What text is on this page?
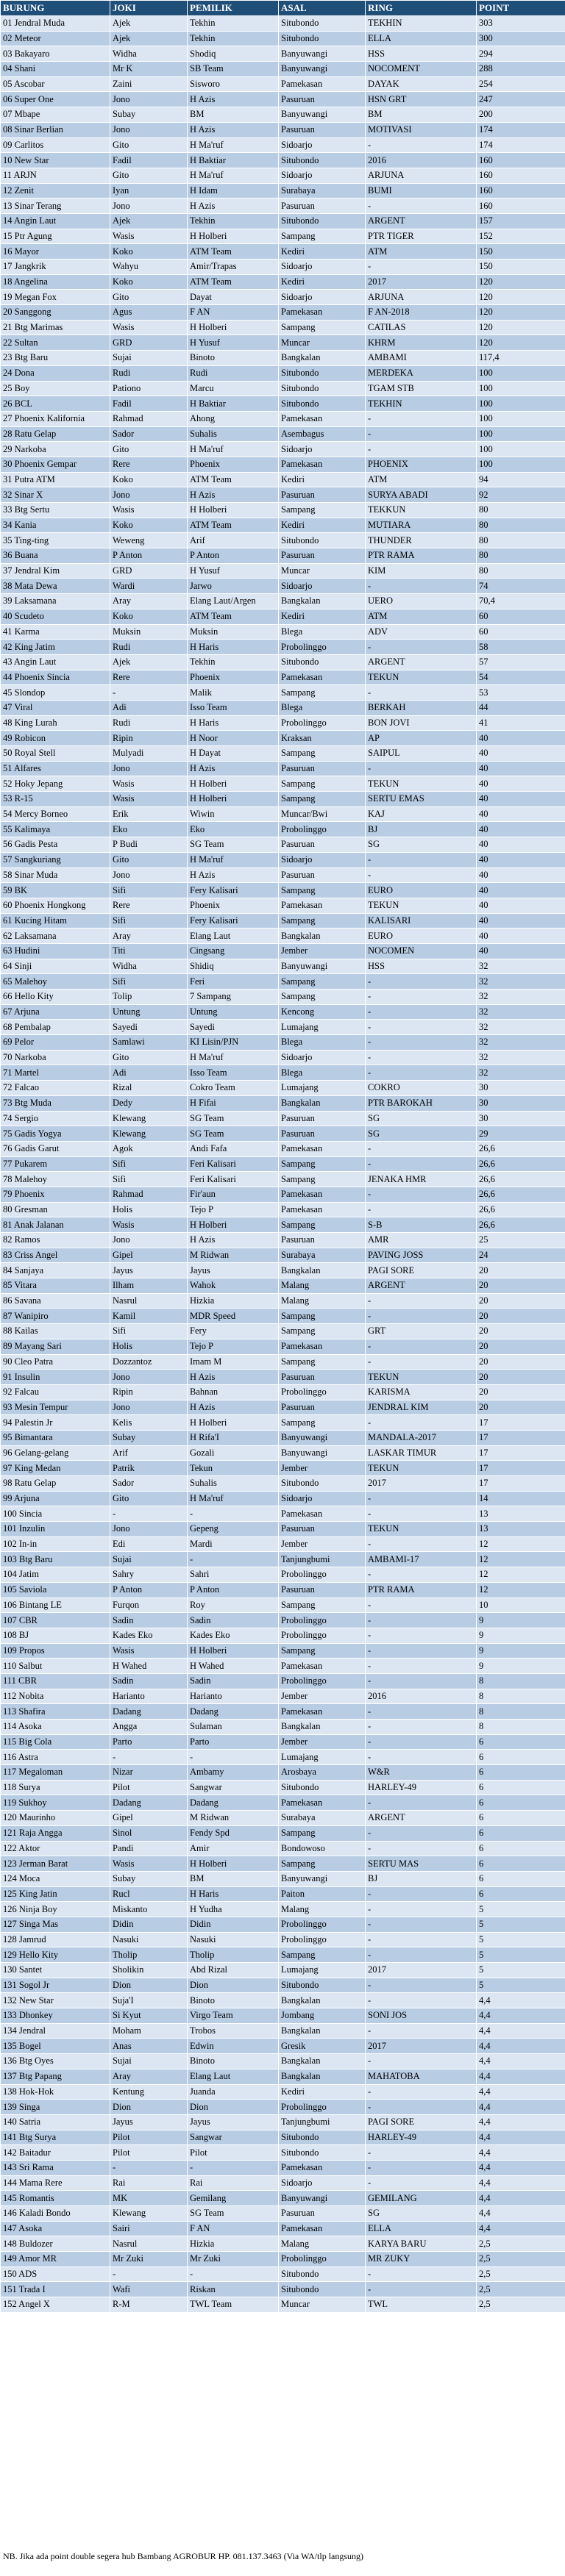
BURUNG	JOKI	PEMILIK	ASAL	RING	POINT
01 Jendral Muda	Ajek	Tekhin	Situbondo	TEKHIN	303
02 Meteor	Ajek	Tekhin	Situbondo	ELLA	300
03 Bakayaro	Widha	Shodiq	Banyuwangi	HSS	294
04 Shani	Mr K	SB Team	Banyuwangi	NOCOMENT	288
05 Ascobar	Zaini	Sisworo	Pamekasan	DAYAK	254
06 Super One	Jono	H Azis	Pasuruan	HSN GRT	247
07 Mbape	Subay	BM	Banyuwangi	BM	200
08 Sinar Berlian	Jono	H Azis	Pasuruan	MOTIVASI	174
09 Carlitos	Gito	H Ma'ruf	Sidoarjo	-	174
10 New Star	Fadil	H Baktiar	Situbondo	2016	160
11 ARJN	Gito	H Ma'ruf	Sidoarjo	ARJUNA	160
12 Zenit	Iyan	H Idam	Surabaya	BUMI	160
13 Sinar Terang	Jono	H Azis	Pasuruan	-	160
14 Angin Laut	Ajek	Tekhin	Situbondo	ARGENT	157
15 Ptr Agung	Wasis	H Holberi	Sampang	PTR TIGER	152
16 Mayor	Koko	ATM Team	Kediri	ATM	150
17 Jangkrik	Wahyu	Amir/Trapas	Sidoarjo	-	150
18 Angelina	Koko	ATM Team	Kediri	2017	120
19 Megan Fox	Gito	Dayat	Sidoarjo	ARJUNA	120
20 Sanggong	Agus	F AN	Pamekasan	F AN-2018	120
21 Btg Marimas	Wasis	H Holberi	Sampang	CATILAS	120
22 Sultan	GRD	H Yusuf	Muncar	KHRM	120
23 Btg Baru	Sujai	Binoto	Bangkalan	AMBAMI	117,4
24 Dona	Rudi	Rudi	Situbondo	MERDEKA	100
25 Boy	Pationo	Marcu	Situbondo	TGAM STB	100
26 BCL	Fadil	H Baktiar	Situbondo	TEKHIN	100
27 Phoenix Kalifornia	Rahmad	Ahong	Pamekasan	-	100
28 Ratu Gelap	Sador	Suhalis	Asembagus	-	100
29 Narkoba	Gito	H Ma'ruf	Sidoarjo	-	100
30 Phoenix Gempar	Rere	Phoenix	Pamekasan	PHOENIX	100
31 Putra ATM	Koko	ATM Team	Kediri	ATM	94
32 Sinar X	Jono	H Azis	Pasuruan	SURYA ABADI	92
33 Btg Sertu	Wasis	H Holberi	Sampang	TEKKUN	80
34 Kania	Koko	ATM Team	Kediri	MUTIARA	80
35 Ting-ting	Weweng	Arif	Situbondo	THUNDER	80
36 Buana	P Anton	P Anton	Pasuruan	PTR RAMA	80
37 Jendral Kim	GRD	H Yusuf	Muncar	KIM	80
38 Mata Dewa	Wardi	Jarwo	Sidoarjo	-	74
39 Laksamana	Aray	Elang Laut/Argen	Bangkalan	UERO	70,4
40 Scudeto	Koko	ATM Team	Kediri	ATM	60
41 Karma	Muksin	Muksin	Blega	ADV	60
42 King Jatim	Rudi	H Haris	Probolinggo	-	58
43 Angin Laut	Ajek	Tekhin	Situbondo	ARGENT	57
44 Phoenix Sincia	Rere	Phoenix	Pamekasan	TEKUN	54
45 Slondop	-	Malik	Sampang	-	53
47 Viral	Adi	Isso Team	Blega	BERKAH	44
48 King Lurah	Rudi	H Haris	Probolinggo	BON JOVI	41
49 Robicon	Ripin	H Noor	Kraksan	AP	40
50 Royal Stell	Mulyadi	H Dayat	Sampang	SAIPUL	40
51 Alfares	Jono	H Azis	Pasuruan	-	40
52 Hoky Jepang	Wasis	H Holberi	Sampang	TEKUN	40
53 R-15	Wasis	H Holberi	Sampang	SERTU EMAS	40
54 Mercy Borneo	Erik	Wiwin	Muncar/Bwi	KAJ	40
55 Kalimaya	Eko	Eko	Probolinggo	BJ	40
56 Gadis Pesta	P Budi	SG Team	Pasuruan	SG	40
57 Sangkuriang	Gito	H Ma'ruf	Sidoarjo	-	40
58 Sinar Muda	Jono	H Azis	Pasuruan	-	40
59 BK	Sifi	Fery Kalisari	Sampang	EURO	40
60 Phoenix Hongkong	Rere	Phoenix	Pamekasan	TEKUN	40
61 Kucing Hitam	Sifi	Fery Kalisari	Sampang	KALISARI	40
62 Laksamana	Aray	Elang Laut	Bangkalan	EURO	40
63 Hudini	Titi	Cingsang	Jember	NOCOMEN	40
64 Sinji	Widha	Shidiq	Banyuwangi	HSS	32
65 Malehoy	Sifi	Feri	Sampang	-	32
66 Hello Kity	Tolip	7 Sampang	Sampang	-	32
67 Arjuna	Untung	Untung	Kencong	-	32
68 Pembalap	Sayedi	Sayedi	Lumajang	-	32
69 Pelor	Samlawi	KI Lisin/PJN	Blega	-	32
70 Narkoba	Gito	H Ma'ruf	Sidoarjo	-	32
71 Martel	Adi	Isso Team	Blega	-	32
72 Falcao	Rizal	Cokro Team	Lumajang	COKRO	30
73 Btg Muda	Dedy	H Fifai	Bangkalan	PTR BAROKAH	30
74 Sergio	Klewang	SG Team	Pasuruan	SG	30
75 Gadis Yogya	Klewang	SG Team	Pasuruan	SG	29
76 Gadis Garut	Agok	Andi Fafa	Pamekasan	-	26,6
77 Pukarem	Sifi	Feri Kalisari	Sampang	-	26,6
78 Malehoy	Sifi	Feri Kalisari	Sampang	JENAKA HMR	26,6
79 Phoenix	Rahmad	Fir'aun	Pamekasan	-	26,6
80 Gresman	Holis	Tejo P	Pamekasan	-	26,6
81 Anak Jalanan	Wasis	H Holberi	Sampang	S-B	26,6
82 Ramos	Jono	H Azis	Pasuruan	AMR	25
83 Criss Angel	Gipel	M Ridwan	Surabaya	PAVING JOSS	24
84 Sanjaya	Jayus	Jayus	Bangkalan	PAGI SORE	20
85 Vitara	Ilham	Wahok	Malang	ARGENT	20
86 Savana	Nasrul	Hizkia	Malang	-	20
87 Wanipiro	Kamil	MDR Speed	Sampang	-	20
88 Kailas	Sifi	Fery	Sampang	GRT	20
89 Mayang Sari	Holis	Tejo P	Pamekasan	-	20
90 Cleo Patra	Dozzantoz	Imam M	Sampang	-	20
91 Insulin	Jono	H Azis	Pasuruan	TEKUN	20
92 Falcau	Ripin	Bahnan	Probolinggo	KARISMA	20
93 Mesin Tempur	Jono	H Azis	Pasuruan	JENDRAL KIM	20
94 Palestin Jr	Kelis	H Holberi	Sampang	-	17
95 Bimantara	Subay	H Rifa'I	Banyuwangi	MANDALA-2017	17
96 Gelang-gelang	Arif	Gozali	Banyuwangi	LASKAR TIMUR	17
97 King Medan	Patrik	Tekun	Jember	TEKUN	17
98 Ratu Gelap	Sador	Suhalis	Situbondo	2017	17
99 Arjuna	Gito	H Ma'ruf	Sidoarjo	-	14
100 Sincia	-	-	Pamekasan	-	13
101 Inzulin	Jono	Gepeng	Pasuruan	TEKUN	13
102 In-in	Edi	Mardi	Jember	-	12
103 Btg Baru	Sujai	-	Tanjungbumi	AMBAMI-17	12
104 Jatim	Sahry	Sahri	Probolinggo	-	12
105 Saviola	P Anton	P Anton	Pasuruan	PTR RAMA	12
106 Bintang LE	Furqon	Roy	Sampang	-	10
107 CBR	Sadin	Sadin	Probolinggo	-	9
108 BJ	Kades Eko	Kades Eko	Probolinggo	-	9
109 Propos	Wasis	H Holberi	Sampang	-	9
110 Salbut	H Wahed	H Wahed	Pamekasan	-	9
111 CBR	Sadin	Sadin	Probolinggo	-	8
112 Nobita	Harianto	Harianto	Jember	2016	8
113 Shafira	Dadang	Dadang	Pamekasan	-	8
114 Asoka	Angga	Sulaman	Bangkalan	-	8
115 Big Cola	Parto	Parto	Jember	-	6
116 Astra	-	-	Lumajang	-	6
117 Megaloman	Nizar	Ambamy	Arosbaya	W&R	6
118 Surya	Pilot	Sangwar	Situbondo	HARLEY-49	6
119 Sukhoy	Dadang	Dadang	Pamekasan	-	6
120 Maurinho	Gipel	M Ridwan	Surabaya	ARGENT	6
121 Raja Angga	Sinol	Fendy Spd	Sampang	-	6
122 Aktor	Pandi	Amir	Bondowoso	-	6
123 Jerman Barat	Wasis	H Holberi	Sampang	SERTU MAS	6
124 Moca	Subay	BM	Banyuwangi	BJ	6
125 King Jatin	Rucl	H Haris	Paiton	-	6
126 Ninja Boy	Miskanto	H Yudha	Malang	-	5
127 Singa Mas	Didin	Didin	Probolinggo	-	5
128 Jamrud	Nasuki	Nasuki	Probolinggo	-	5
129 Hello Kity	Tholip	Tholip	Sampang	-	5
130 Santet	Sholikin	Abd Rizal	Lumajang	2017	5
131 Sogol Jr	Dion	Dion	Situbondo	-	5
132 New Star	Suja'I	Binoto	Bangkalan	-	4,4
133 Dhonkey	Si Kyut	Virgo Team	Jombang	SONI JOS	4,4
134 Jendral	Moham	Trobos	Bangkalan	-	4,4
135 Bogel	Anas	Edwin	Gresik	2017	4,4
136 Btg Oyes	Sujai	Binoto	Bangkalan	-	4,4
137 Btg Papang	Aray	Elang Laut	Bangkalan	MAHATOBA	4,4
138 Hok-Hok	Kentung	Juanda	Kediri	-	4,4
139 Singa	Dion	Dion	Probolinggo	-	4,4
140 Satria	Jayus	Jayus	Tanjungbumi	PAGI SORE	4,4
141 Btg Surya	Pilot	Sangwar	Situbondo	HARLEY-49	4,4
142 Baitadur	Pilot	Pilot	Situbondo	-	4,4
143 Sri Rama	-	-	Pamekasan	-	4,4
144 Mama Rere	Rai	Rai	Sidoarjo	-	4,4
145 Romantis	MK	Gemilang	Banyuwangi	GEMILANG	4,4
146 Kaladi Bondo	Klewang	SG Team	Pasuruan	SG	4,4
147 Asoka	Sairi	F AN	Pamekasan	ELLA	4,4
148 Buldozer	Nasrul	Hizkia	Malang	KARYA BARU	2,5
149 Amor MR	Mr Zuki	Mr Zuki	Probolinggo	MR ZUKY	2,5
150 ADS	-	-	Situbondo	-	2,5
151 Trada I	Wafi	Riskan	Situbondo	-	2,5
152 Angel X	R-M	TWL Team	Muncar	TWL	2,5
NB. Jika ada point double segera hub Bambang AGROBUR HP. 081.137.3463 (Via WA/tlp langsung)
